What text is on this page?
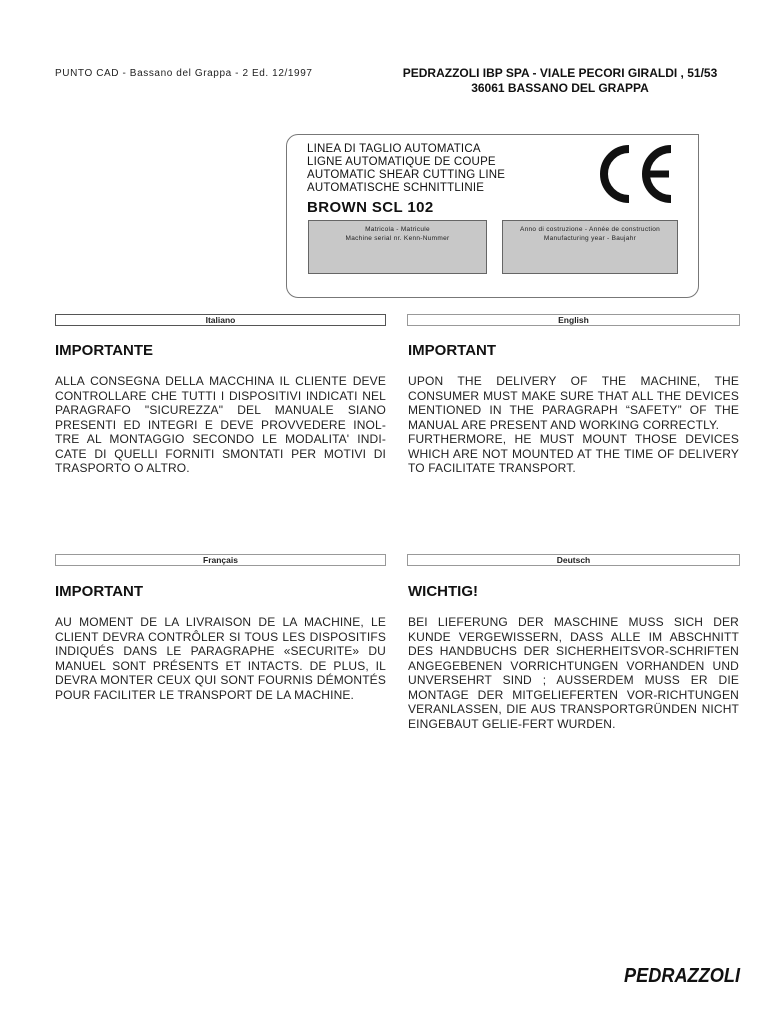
PUNTO CAD - Bassano del Grappa - 2 Ed. 12/1997	PEDRAZZOLI IBP SPA - VIALE PECORI GIRALDI , 51/53
36061 BASSANO DEL GRAPPA
LINEA DI TAGLIO AUTOMATICA
LIGNE AUTOMATIQUE DE COUPE
AUTOMATIC SHEAR CUTTING LINE
AUTOMATISCHE SCHNITTLINIE
BROWN SCL 102
Matricola - Matricule
Machine serial nr. Kenn-Nummer
Anno di costruzione - Année de construction
Manufacturing year - Baujahr
Italiano
IMPORTANTE

ALLA CONSEGNA DELLA MACCHINA IL CLIENTE DEVE CONTROLLARE CHE TUTTI I DISPOSITIVI INDICATI NEL PARAGRAFO "SICUREZZA" DEL MANUALE SIANO PRESENTI ED INTEGRI E DEVE PROVVEDERE INOL-TRE AL MONTAGGIO SECONDO LE MODALITA' INDI-CATE DI QUELLI FORNITI SMONTATI PER MOTIVI DI TRASPORTO O ALTRO.

English
IMPORTANT

UPON THE DELIVERY OF THE MACHINE, THE CONSUMER MUST MAKE SURE THAT ALL THE DEVICES MENTIONED IN THE PARAGRAPH “SAFETY” OF THE MANUAL ARE PRESENT AND WORKING CORRECTLY.

FURTHERMORE, HE MUST MOUNT THOSE DEVICES WHICH ARE NOT MOUNTED AT THE TIME OF DELIVERY TO FACILITATE TRANSPORT.

Français
IMPORTANT

AU MOMENT DE LA LIVRAISON DE LA MACHINE, LE CLIENT DEVRA CONTRÔLER SI TOUS LES DISPOSITIFS INDIQUÉS DANS LE PARAGRAPHE «SECURITE» DU MANUEL SONT PRÉSENTS ET INTACTS. DE PLUS, IL DEVRA MONTER CEUX QUI SONT FOURNIS DÉMONTÉS POUR FACILITER LE TRANSPORT DE LA MACHINE.

Deutsch
WICHTIG!

BEI LIEFERUNG DER MASCHINE MUSS SICH DER KUNDE VERGEWISSERN, DASS ALLE IM ABSCHNITT DES HANDBUCHS DER SICHERHEITSVOR-SCHRIFTEN ANGEGEBENEN VORRICHTUNGEN VORHANDEN UND UNVERSEHRT SIND ; AUSSERDEM MUSS ER DIE MONTAGE DER MITGELIEFERTEN VOR-RICHTUNGEN VERANLASSEN, DIE AUS TRANSPORTGRÜNDEN NICHT EINGEBAUT GELIE-FERT WURDEN.

PEDRAZZOLI
